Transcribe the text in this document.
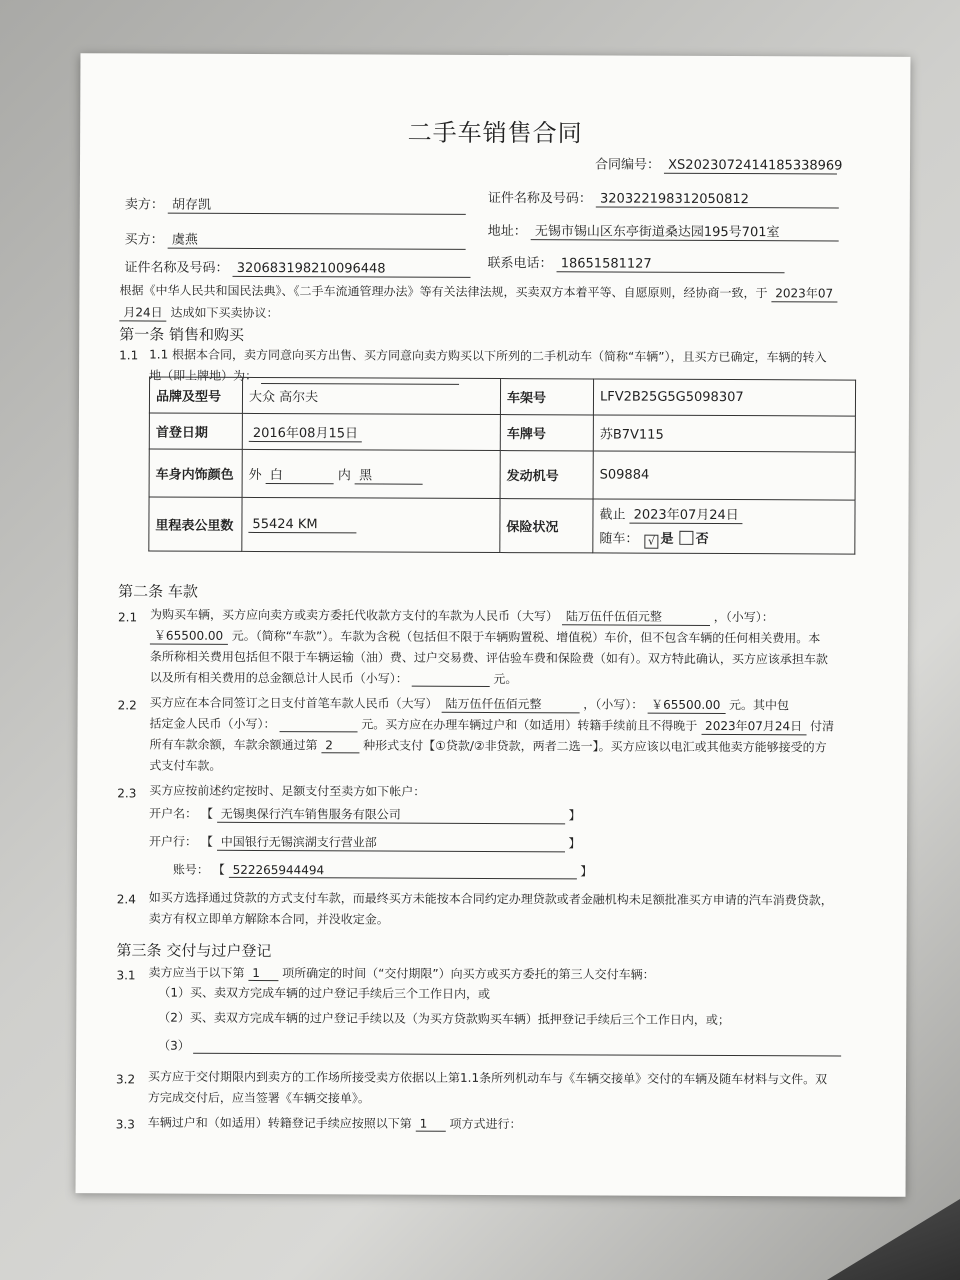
二手车销售合同
合同编号： XS2023072414185338969
卖方： 胡存凯	证件名称及号码： 320322198312050812
买方： 虞燕
地址： 无锡市锡山区东亭街道桑达园195号701室
证件名称及号码： 320683198210096448	联系电话： 18651581127
根据《中华人民共和国民法典》、《二手车流通管理办法》等有关法律法规，买卖双方本着平等、自愿原则，经协商一致，于 2023年07
月24日 达成如下买卖协议：
第一条 销售和购买
1.1 1.1 根据本合同，卖方同意向买方出售、买方同意向卖方购买以下所列的二手机动车（简称“车辆”），且买方已确定，车辆的转入
地（即上牌地）为：
品牌及型号	大众 高尔夫	车架号	LFV2B25G5G5098307
首登日期	2016年08月15日	车牌号	苏B7V115
车身内饰颜色	外 白 内 黑	发动机号	S09884
里程表公里数	55424 KM	保险状况	截止 2023年07月24日
随车： √ 是 否
第二条 车款
2.1 为购买车辆，买方应向卖方或卖方委托代收款方支付的车款为人民币（大写） 陆万伍仟伍佰元整	，（小写）：
￥65500.00 元。（简称“车款”）。车款为含税（包括但不限于车辆购置税、增值税）车价，但不包含车辆的任何相关费用。本
条所称相关费用包括但不限于车辆运输（油）费、过户交易费、评估验车费和保险费（如有）。双方特此确认，买方应该承担车款
以及所有相关费用的总金额总计人民币（小写）：	元。
2.2 买方应在本合同签订之日支付首笔车款人民币（大写） 陆万伍仟伍佰元整	，（小写）： ￥65500.00 元。其中包
括定金人民币（小写）：	元。买方应在办理车辆过户和（如适用）转籍手续前且不得晚于 2023年07月24日 付清
所有车款余额，车款余额通过第 2	种形式支付【①贷款/②非贷款，两者二选一】。买方应该以电汇或其他卖方能够接受的方
式支付车款。
2.3 买方应按前述约定按时、足额支付至卖方如下帐户：
开户名： 【 无锡奥保行汽车销售服务有限公司	】
开户行： 【 中国银行无锡滨湖支行营业部	】
账号： 【 522265944494	】
2.4 如买方选择通过贷款的方式支付车款，而最终买方未能按本合同约定办理贷款或者金融机构未足额批准买方申请的汽车消费贷款，
卖方有权立即单方解除本合同，并没收定金。
第三条 交付与过户登记
3.1 卖方应当于以下第 1 项所确定的时间（“交付期限”）向买方或买方委托的第三人交付车辆：
（1）买、卖双方完成车辆的过户登记手续后三个工作日内，或
（2）买、卖双方完成车辆的过户登记手续以及（为买方贷款购买车辆）抵押登记手续后三个工作日内，或；
（3）
3.2 买方应于交付期限内到卖方的工作场所接受卖方依据以上第1.1条所列机动车与《车辆交接单》交付的车辆及随车材料与文件。双
方完成交付后，应当签署《车辆交接单》。
3.3 车辆过户和（如适用）转籍登记手续应按照以下第 1 项方式进行：
